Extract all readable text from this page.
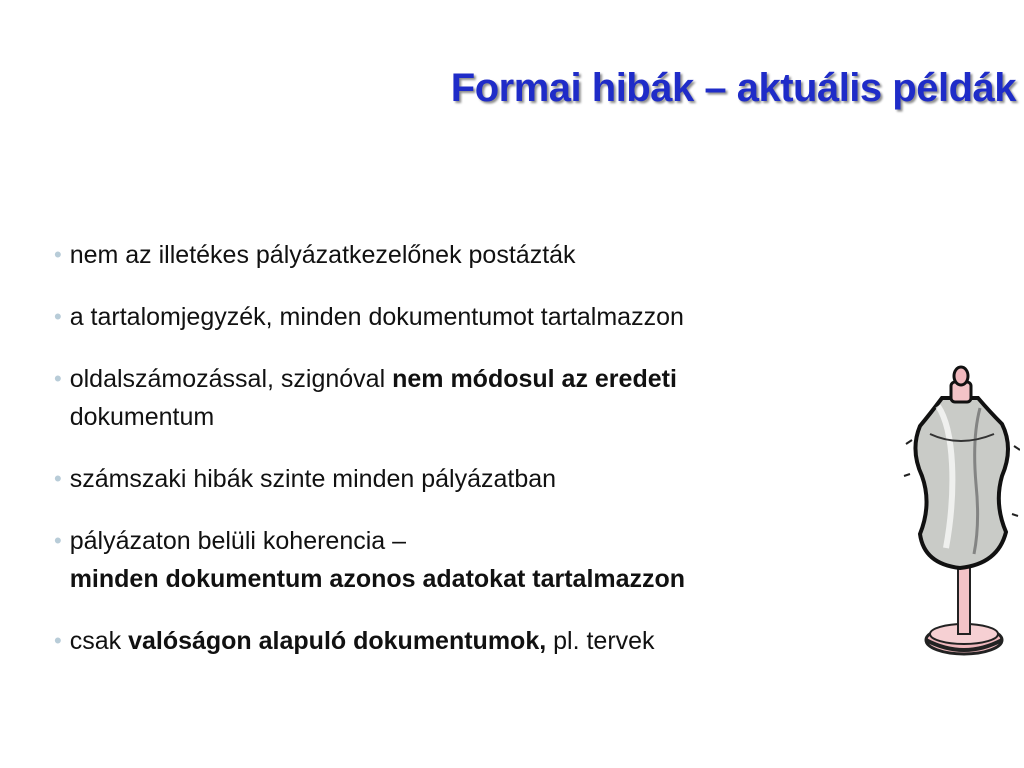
Formai hibák – aktuális példák
• nem az illetékes pályázatkezelőnek postázták
• a tartalomjegyzék, minden dokumentumot tartalmazzon
• oldalszámozással, szignóval nem módosul az eredeti
dokumentum
• számszaki hibák szinte minden pályázatban
• pályázaton belüli koherencia –
minden dokumentum azonos adatokat tartalmazzon
• csak valóságon alapuló dokumentumok, pl. tervek
